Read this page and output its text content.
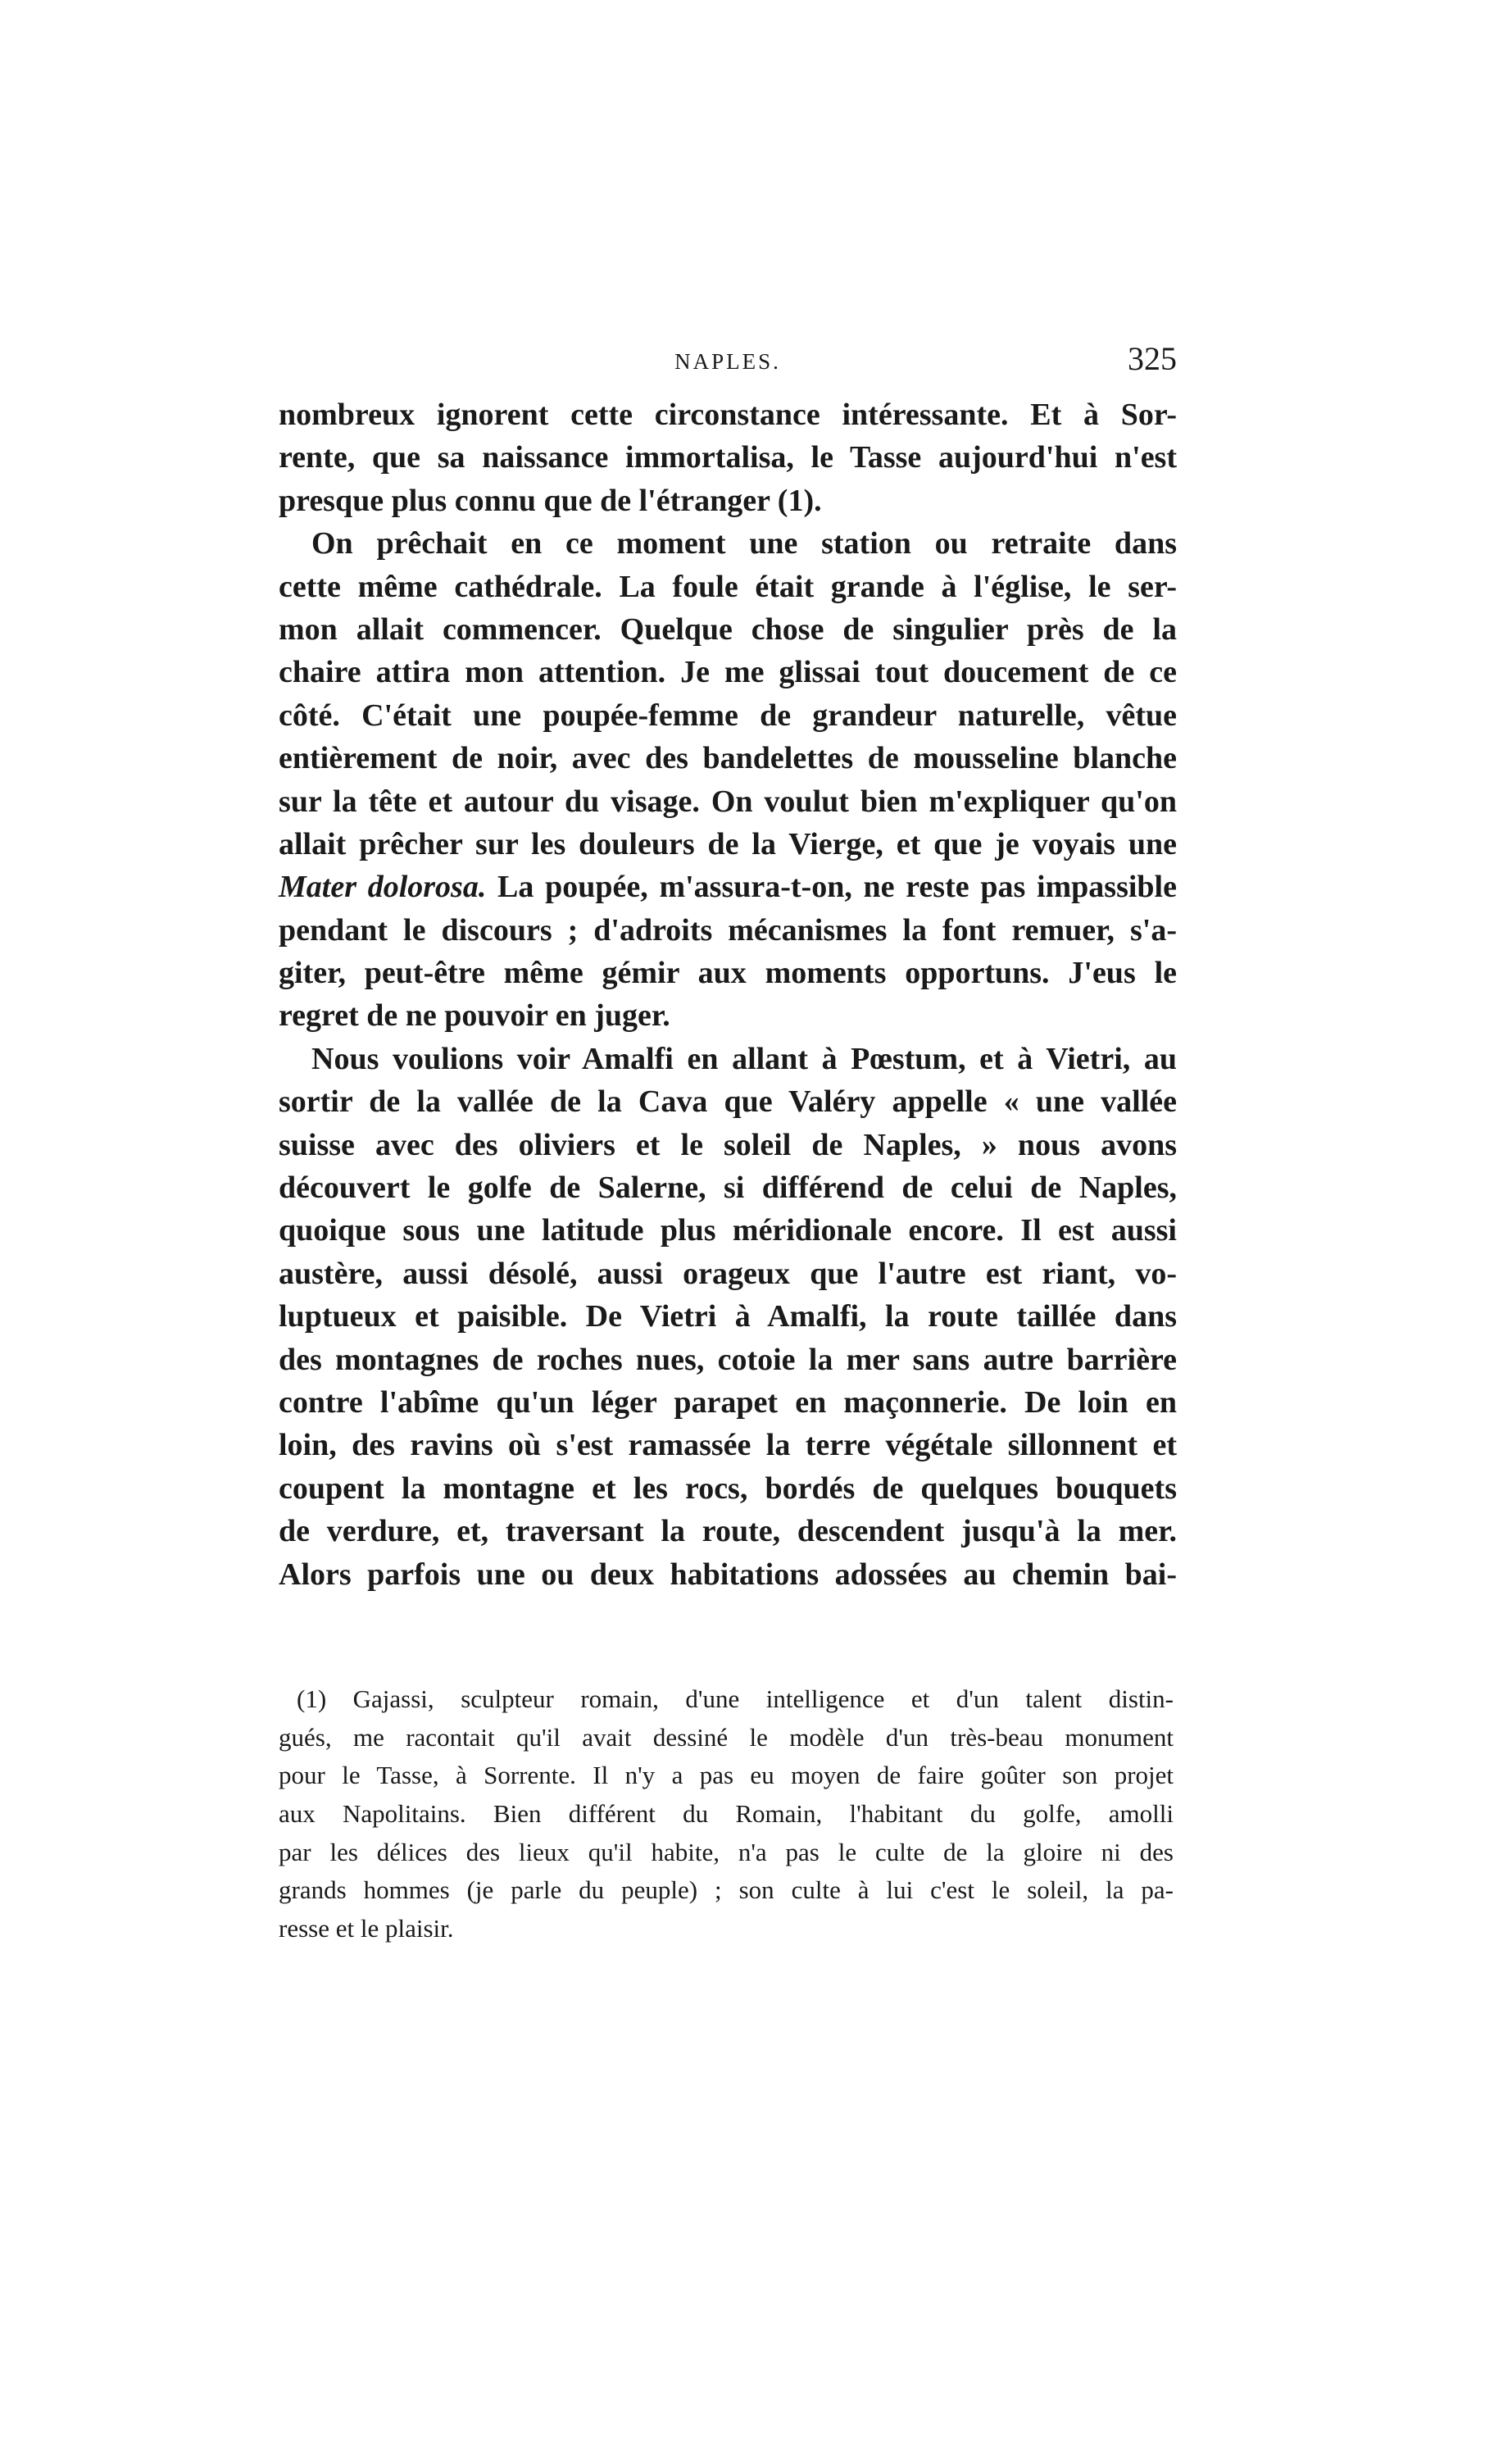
NAPLES.	325
nombreux ignorent cette circonstance intéressante. Et à Sor-
rente, que sa naissance immortalisa, le Tasse aujourd'hui n'est
presque plus connu que de l'étranger (1).
On prêchait en ce moment une station ou retraite dans
cette même cathédrale. La foule était grande à l'église, le ser-
mon allait commencer. Quelque chose de singulier près de la
chaire attira mon attention. Je me glissai tout doucement de ce
côté. C'était une poupée-femme de grandeur naturelle, vêtue
entièrement de noir, avec des bandelettes de mousseline blanche
sur la tête et autour du visage. On voulut bien m'expliquer qu'on
allait prêcher sur les douleurs de la Vierge, et que je voyais une
Mater dolorosa. La poupée, m'assura-t-on, ne reste pas impassible
pendant le discours ; d'adroits mécanismes la font remuer, s'a-
giter, peut-être même gémir aux moments opportuns. J'eus le
regret de ne pouvoir en juger.
Nous voulions voir Amalfi en allant à Pœstum, et à Vietri, au
sortir de la vallée de la Cava que Valéry appelle « une vallée
suisse avec des oliviers et le soleil de Naples, » nous avons
découvert le golfe de Salerne, si différend de celui de Naples,
quoique sous une latitude plus méridionale encore. Il est aussi
austère, aussi désolé, aussi orageux que l'autre est riant, vo-
luptueux et paisible. De Vietri à Amalfi, la route taillée dans
des montagnes de roches nues, cotoie la mer sans autre barrière
contre l'abîme qu'un léger parapet en maçonnerie. De loin en
loin, des ravins où s'est ramassée la terre végétale sillonnent et
coupent la montagne et les rocs, bordés de quelques bouquets
de verdure, et, traversant la route, descendent jusqu'à la mer.
Alors parfois une ou deux habitations adossées au chemin bai-
(1) Gajassi, sculpteur romain, d'une intelligence et d'un talent distin-
gués, me racontait qu'il avait dessiné le modèle d'un très-beau monument
pour le Tasse, à Sorrente. Il n'y a pas eu moyen de faire goûter son projet
aux Napolitains. Bien différent du Romain, l'habitant du golfe, amolli
par les délices des lieux qu'il habite, n'a pas le culte de la gloire ni des
grands hommes (je parle du peuple) ; son culte à lui c'est le soleil, la pa-
resse et le plaisir.
